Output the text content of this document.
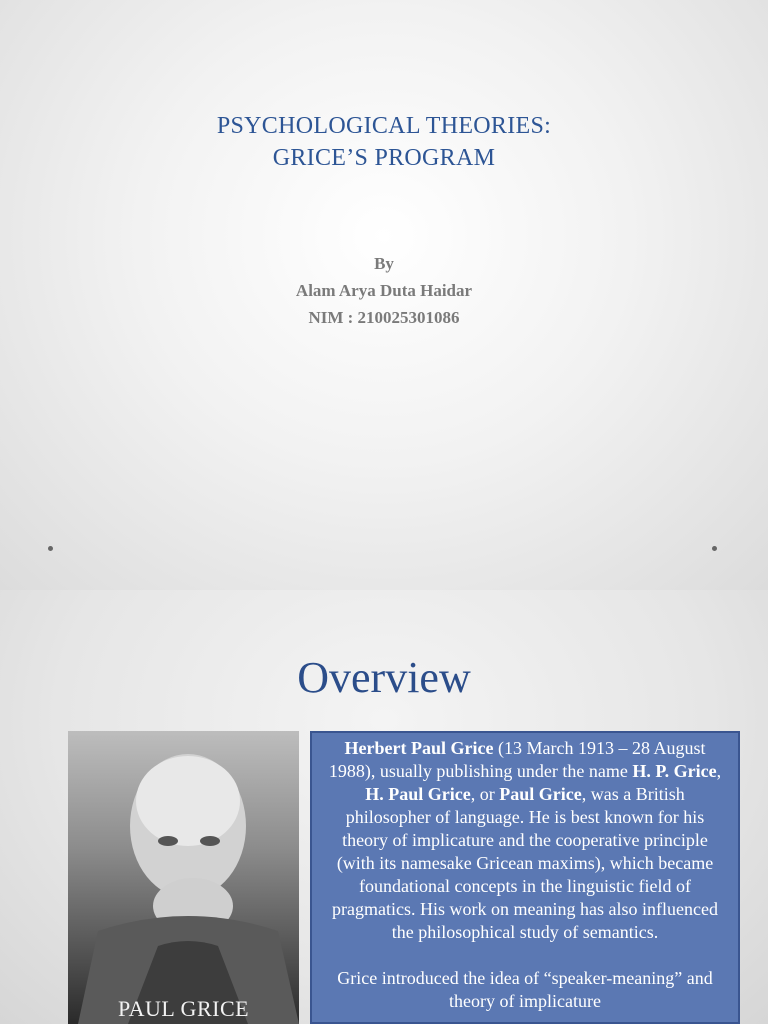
PSYCHOLOGICAL THEORIES:
GRICE’S PROGRAM
By
Alam Arya Duta Haidar
NIM : 210025301086
Overview
PAUL GRICE

Herbert Paul Grice (13 March 1913 – 28 August 1988), usually publishing under the name H. P. Grice, H. Paul Grice, or Paul Grice, was a British philosopher of language. He is best known for his theory of implicature and the cooperative principle (with its namesake Gricean maxims), which became foundational concepts in the linguistic field of pragmatics. His work on meaning has also influenced the philosophical study of semantics.

Grice introduced the idea of “speaker-meaning” and theory of implicature
